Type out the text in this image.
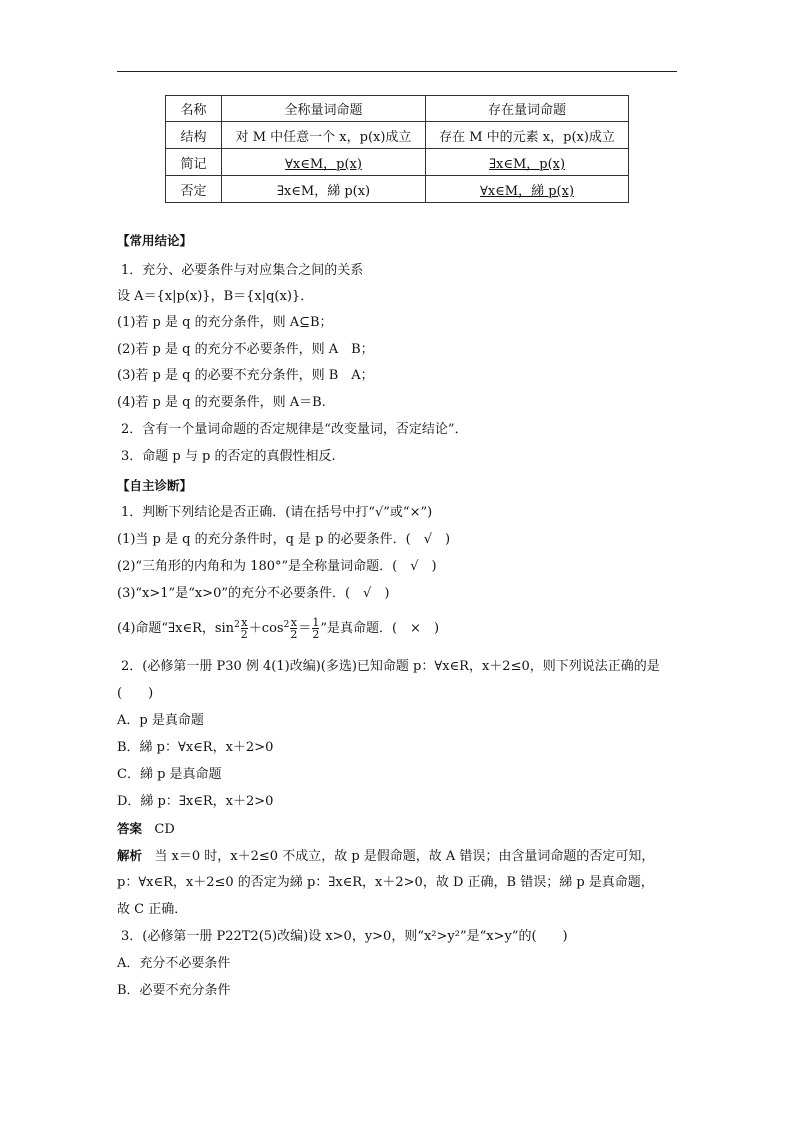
名称	全称量词命题	存在量词命题
结构	对 M 中任意一个 x，p(x)成立	存在 M 中的元素 x，p(x)成立
简记	∀x∈M，p(x)	∃x∈M，p(x)
否定	∃x∈M，綈 p(x)	∀x∈M，綈 p(x)
【常用结论】
1．充分、必要条件与对应集合之间的关系
设 A＝{x|p(x)}，B＝{x|q(x)}．
(1)若 p 是 q 的充分条件，则 A⊆B；
(2)若 p 是 q 的充分不必要条件，则 A　B；
(3)若 p 是 q 的必要不充分条件，则 B　A；
(4)若 p 是 q 的充要条件，则 A＝B.
2．含有一个量词命题的否定规律是“改变量词，否定结论”．
3．命题 p 与 p 的否定的真假性相反.
【自主诊断】
1．判断下列结论是否正确．(请在括号中打“√”或“×”)
(1)当 p 是 q 的充分条件时，q 是 p 的必要条件．(　√　)
(2)“三角形的内角和为 180°”是全称量词命题．(　√　)
(3)“x>1”是“x>0”的充分不必要条件．(　√　)
(4)命题“∃x∈R，$\sin^2 \frac{x}{2} +\cos^2 \frac{x}{2} = \frac{1}{2}$ ”是真命题．(　×　)
2．(必修第一册 P30 例 4(1)改编)(多选)已知命题 p：∀x∈R，x＋2≤0，则下列说法正确的是
(　　)
A．p 是真命题
B．綈 p：∀x∈R，x＋2>0
C．綈 p 是真命题
D．綈 p：∃x∈R，x＋2>0
答案 CD
解析 当 x＝0 时，x＋2≤0 不成立，故 p 是假命题，故 A 错误；由含量词命题的否定可知，
p：∀x∈R，x＋2≤0 的否定为綈 p：∃x∈R，x＋2>0，故 D 正确，B 错误；綈 p 是真命题，
故 C 正确．
3．(必修第一册 P22T2(5)改编)设 x>0，y>0，则“x²>y²”是“x>y”的(　　)
A．充分不必要条件
B．必要不充分条件
